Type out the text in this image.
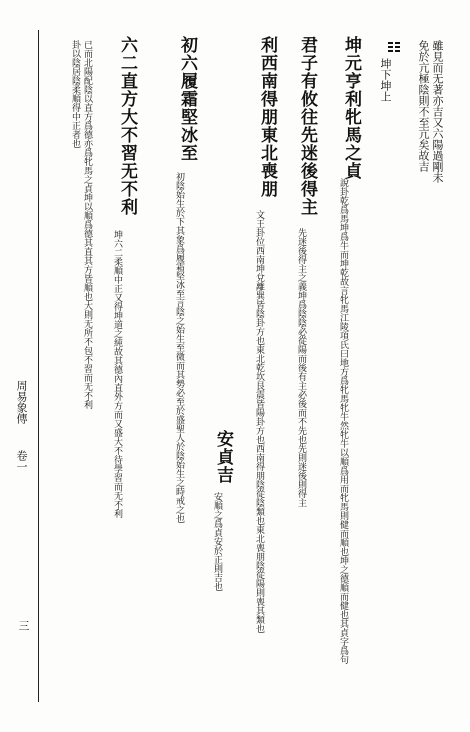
雖見而无著亦吉又六陽過剛未
免於亢極陰則不至亢矣故吉
坤下坤上
坤元亨利牝馬之貞
說卦乾爲馬坤爲牛而坤乾故言牝馬江陵項氏曰地方爲牝馬牝牛然牝牛以順爲用而牝馬則健而順也坤之德順而健也其貞字爲句
君子有攸往先迷後得主
先迷後得主之義坤爲陰陰必從陽而後有主必後而不先也先則迷後則得主
利西南得朋東北喪朋
文王卦位西南坤兌離巽皆陰卦方也東北乾坎艮震皆陽卦方也西南得朋陰從陰類也東北喪朋陰從陽則喪其類也
安貞吉
安順之爲貞安於正則吉也
初六履霜堅冰至
初陰始生於下其象爲履霜堅冰至言陰之始生至微而其勢必至於盛聖人於陰始生之時戒之也
六二直方大不習无不利
坤六二柔順中正又得坤道之純故其德內直外方而又盛大不待學習而无不利
已而北陽配陰以直方爲德亦爲牝馬之貞坤以順爲德其直其方皆順也大則无所不包不習而无不利
卦以陰居陰柔順得中正者也
周易象傳
卷一
三
